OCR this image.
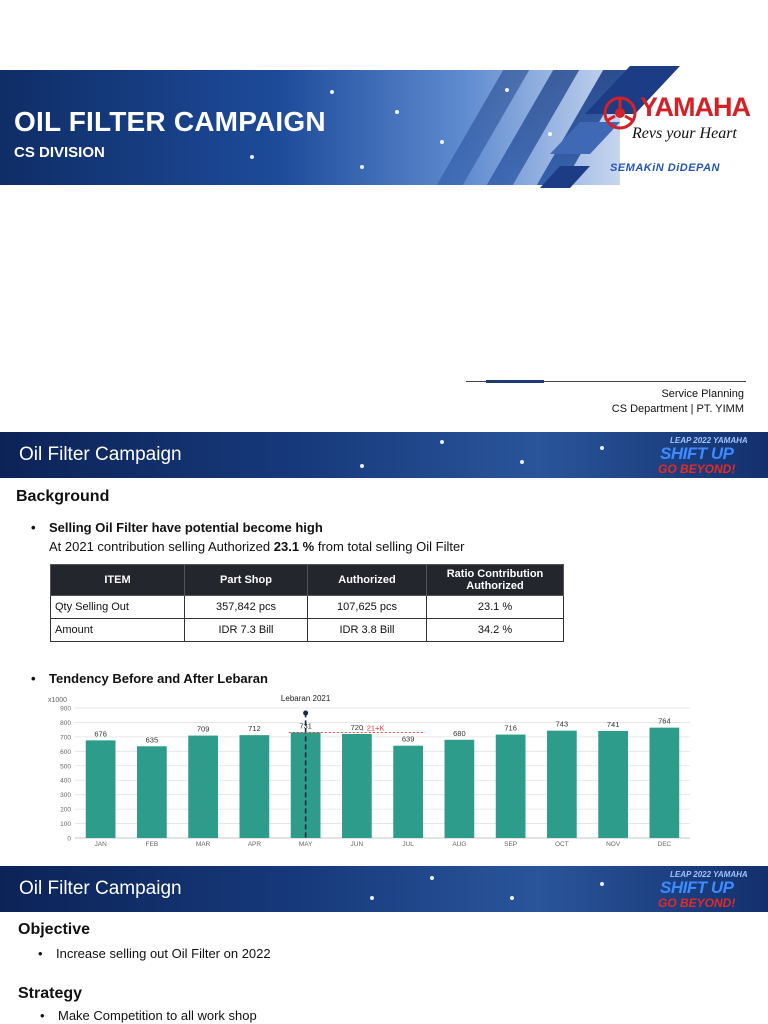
OIL FILTER CAMPAIGN
CS DIVISION
YAMAHA
Revs your Heart
SEMAKiN DiDEPAN
Service Planning
CS Department | PT. YIMM
Oil Filter Campaign
LEAP 2022 YAMAHA
SHIFT UP
GO BEYOND!
Background
• Selling Oil Filter have potential become high
At 2021 contribution selling Authorized 23.1 % from total selling Oil Filter
ITEM	Part Shop	Authorized	Ratio Contribution Authorized
Qty Selling Out	357,842 pcs	107,625 pcs	23.1 %
Amount	IDR 7.3 Bill	IDR 3.8 Bill	34.2 %
• Tendency Before and After Lebaran
x1000
0
100
200
300
400
500
600
700
800
900
676
JAN
635
FEB
709
MAR
712
APR
731
MAY
720
JUN
639
JUL
680
AUG
716
SEP
743
OCT
741
NOV
764
DEC
Lebaran 2021
↓ 21+K
Oil Filter Campaign
LEAP 2022 YAMAHA
SHIFT UP
GO BEYOND!
Objective
• Increase selling out Oil Filter on 2022
Strategy
• Make Competition to all work shop
